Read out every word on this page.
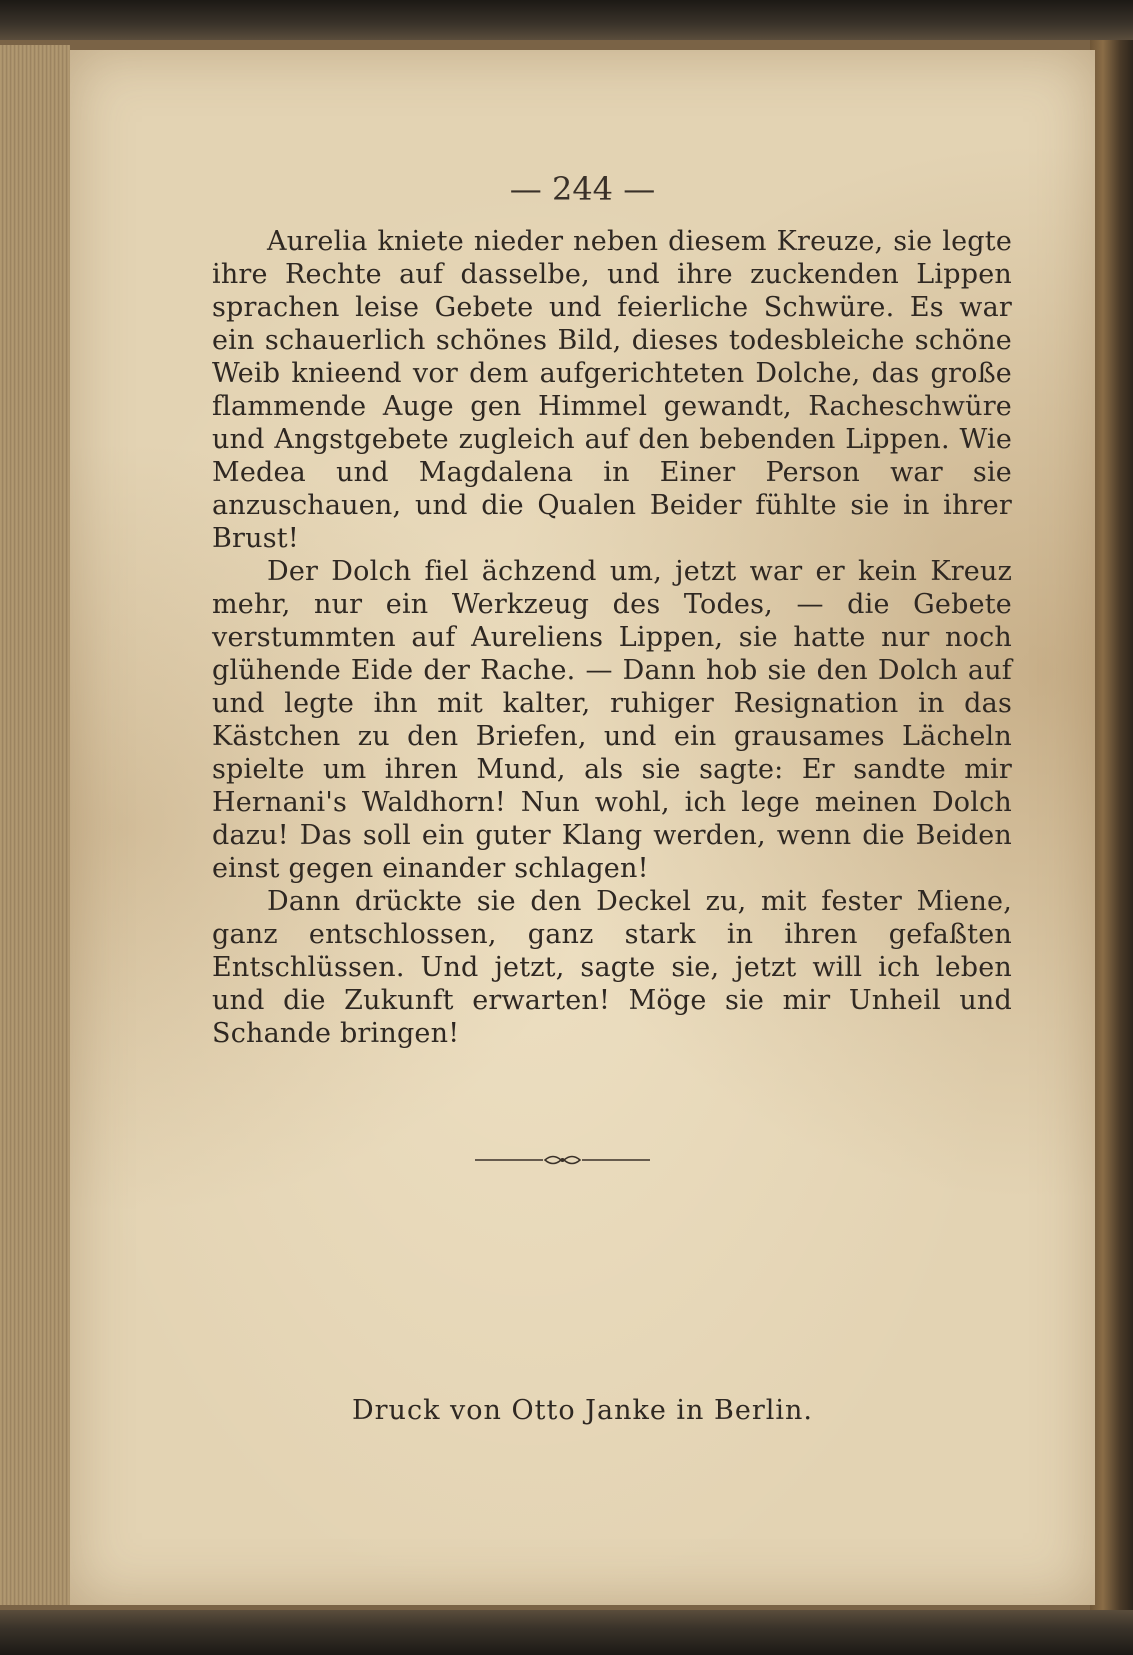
— 244 —

Aurelia kniete nieder neben diesem Kreuze, sie legte ihre Rechte auf dasselbe, und ihre zuckenden Lippen sprachen leise Gebete und feierliche Schwüre. Es war ein schauerlich schönes Bild, dieses todesbleiche schöne Weib knieend vor dem aufgerichteten Dolche, das große flammende Auge gen Himmel gewandt, Racheschwüre und Angstgebete zugleich auf den bebenden Lippen. Wie Medea und Magdalena in Einer Person war sie anzuschauen, und die Qualen Beider fühlte sie in ihrer Brust!

Der Dolch fiel ächzend um, jetzt war er kein Kreuz mehr, nur ein Werkzeug des Todes, — die Gebete verstummten auf Aureliens Lippen, sie hatte nur noch glühende Eide der Rache. — Dann hob sie den Dolch auf und legte ihn mit kalter, ruhiger Resignation in das Kästchen zu den Briefen, und ein grausames Lächeln spielte um ihren Mund, als sie sagte: Er sandte mir Hernani's Waldhorn! Nun wohl, ich lege meinen Dolch dazu! Das soll ein guter Klang werden, wenn die Beiden einst gegen einander schlagen!

Dann drückte sie den Deckel zu, mit fester Miene, ganz entschlossen, ganz stark in ihren gefaßten Entschlüssen. Und jetzt, sagte sie, jetzt will ich leben und die Zukunft erwarten! Möge sie mir Unheil und Schande bringen!

Druck von Otto Janke in Berlin.
